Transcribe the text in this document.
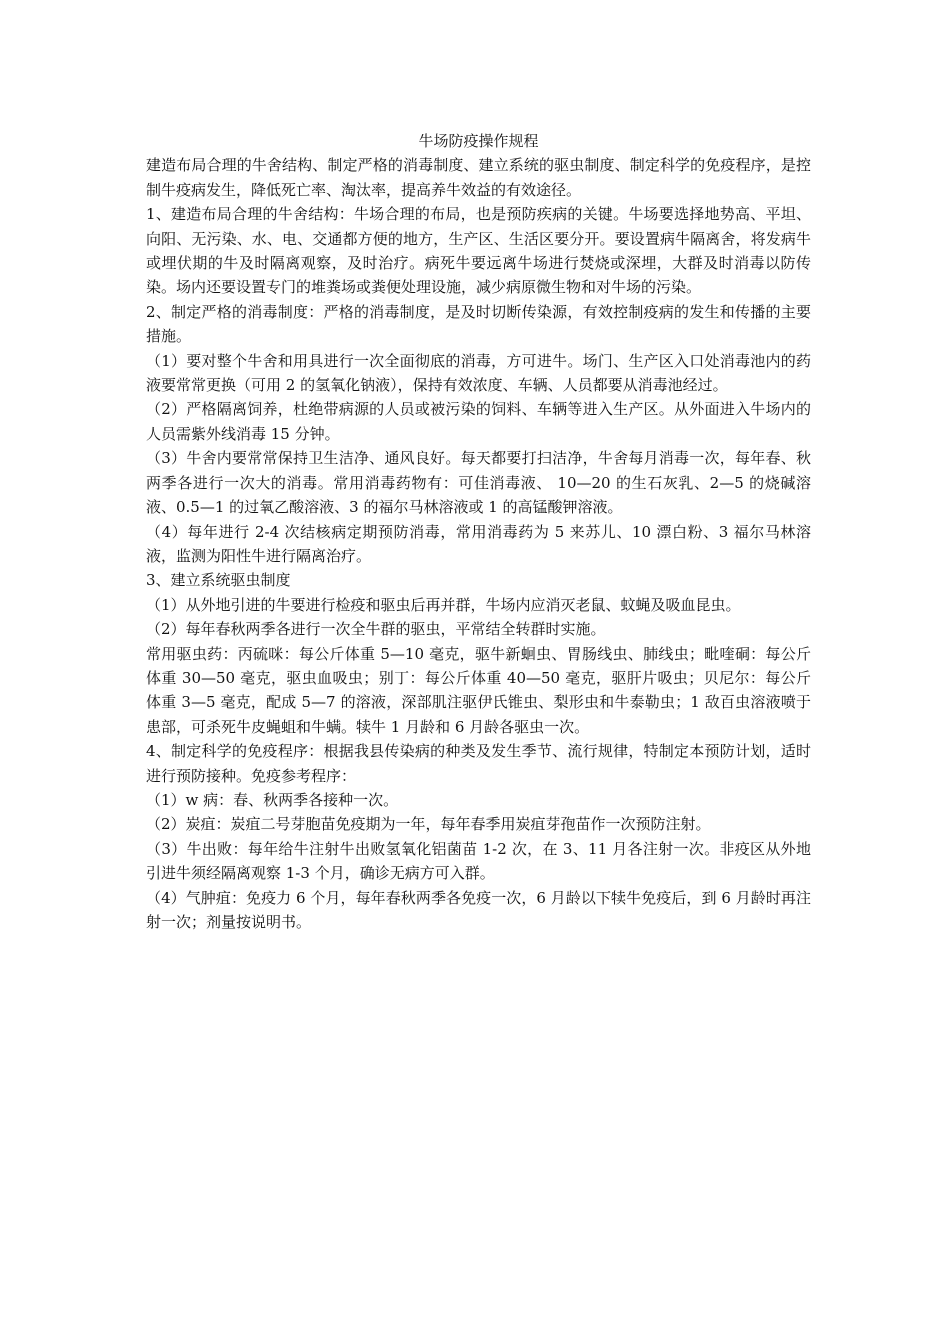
牛场防疫操作规程

建造布局合理的牛舍结构、制定严格的消毒制度、建立系统的驱虫制度、制定科学的免疫程序，是控制牛疫病发生，降低死亡率、淘汰率，提高养牛效益的有效途径。

1、建造布局合理的牛舍结构：牛场合理的布局，也是预防疾病的关键。牛场要选择地势高、平坦、向阳、无污染、水、电、交通都方便的地方，生产区、生活区要分开。要设置病牛隔离舍，将发病牛或埋伏期的牛及时隔离观察，及时治疗。病死牛要远离牛场进行焚烧或深埋，大群及时消毒以防传染。场内还要设置专门的堆粪场或粪便处理设施，减少病原微生物和对牛场的污染。

2、制定严格的消毒制度：严格的消毒制度，是及时切断传染源，有效控制疫病的发生和传播的主要措施。

（1）要对整个牛舍和用具进行一次全面彻底的消毒，方可进牛。场门、生产区入口处消毒池内的药液要常常更换（可用 2 的氢氧化钠液），保持有效浓度、车辆、人员都要从消毒池经过。

（2）严格隔离饲养，杜绝带病源的人员或被污染的饲料、车辆等进入生产区。从外面进入牛场内的人员需紫外线消毒 15 分钟。

（3）牛舍内要常常保持卫生洁净、通风良好。每天都要打扫洁净，牛舍每月消毒一次，每年春、秋两季各进行一次大的消毒。常用消毒药物有：可佳消毒液、 10—20 的生石灰乳、2—5 的烧碱溶液、0.5—1 的过氧乙酸溶液、3 的福尔马林溶液或 1 的高锰酸钾溶液。

（4）每年进行 2-4 次结核病定期预防消毒，常用消毒药为 5 来苏儿、10 漂白粉、3 福尔马林溶液，监测为阳性牛进行隔离治疗。

3、建立系统驱虫制度

（1）从外地引进的牛要进行检疫和驱虫后再并群，牛场内应消灭老鼠、蚊蝇及吸血昆虫。

（2）每年春秋两季各进行一次全牛群的驱虫，平常结全转群时实施。

常用驱虫药：丙硫咪：每公斤体重 5—10 毫克，驱牛新蛔虫、胃肠线虫、肺线虫；毗喹硐：每公斤体重 30—50 毫克，驱虫血吸虫；别丁：每公斤体重 40—50 毫克，驱肝片吸虫；贝尼尔：每公斤体重 3—5 毫克，配成 5—7 的溶液，深部肌注驱伊氏锥虫、梨形虫和牛泰勒虫；1 敌百虫溶液喷于患部，可杀死牛皮蝇蛆和牛螨。犊牛 1 月龄和 6 月龄各驱虫一次。

4、制定科学的免疫程序：根据我县传染病的种类及发生季节、流行规律，特制定本预防计划，适时进行预防接种。免疫参考程序：

（1）w 病：春、秋两季各接种一次。

（2）炭疽：炭疽二号芽胞苗免疫期为一年，每年春季用炭疽芽孢苗作一次预防注射。

（3）牛出败：每年给牛注射牛出败氢氧化铝菌苗 1-2 次，在 3、11 月各注射一次。非疫区从外地引进牛须经隔离观察 1-3 个月，确诊无病方可入群。

（4）气肿疽：免疫力 6 个月，每年春秋两季各免疫一次，6 月龄以下犊牛免疫后，到 6 月龄时再注射一次；剂量按说明书。
